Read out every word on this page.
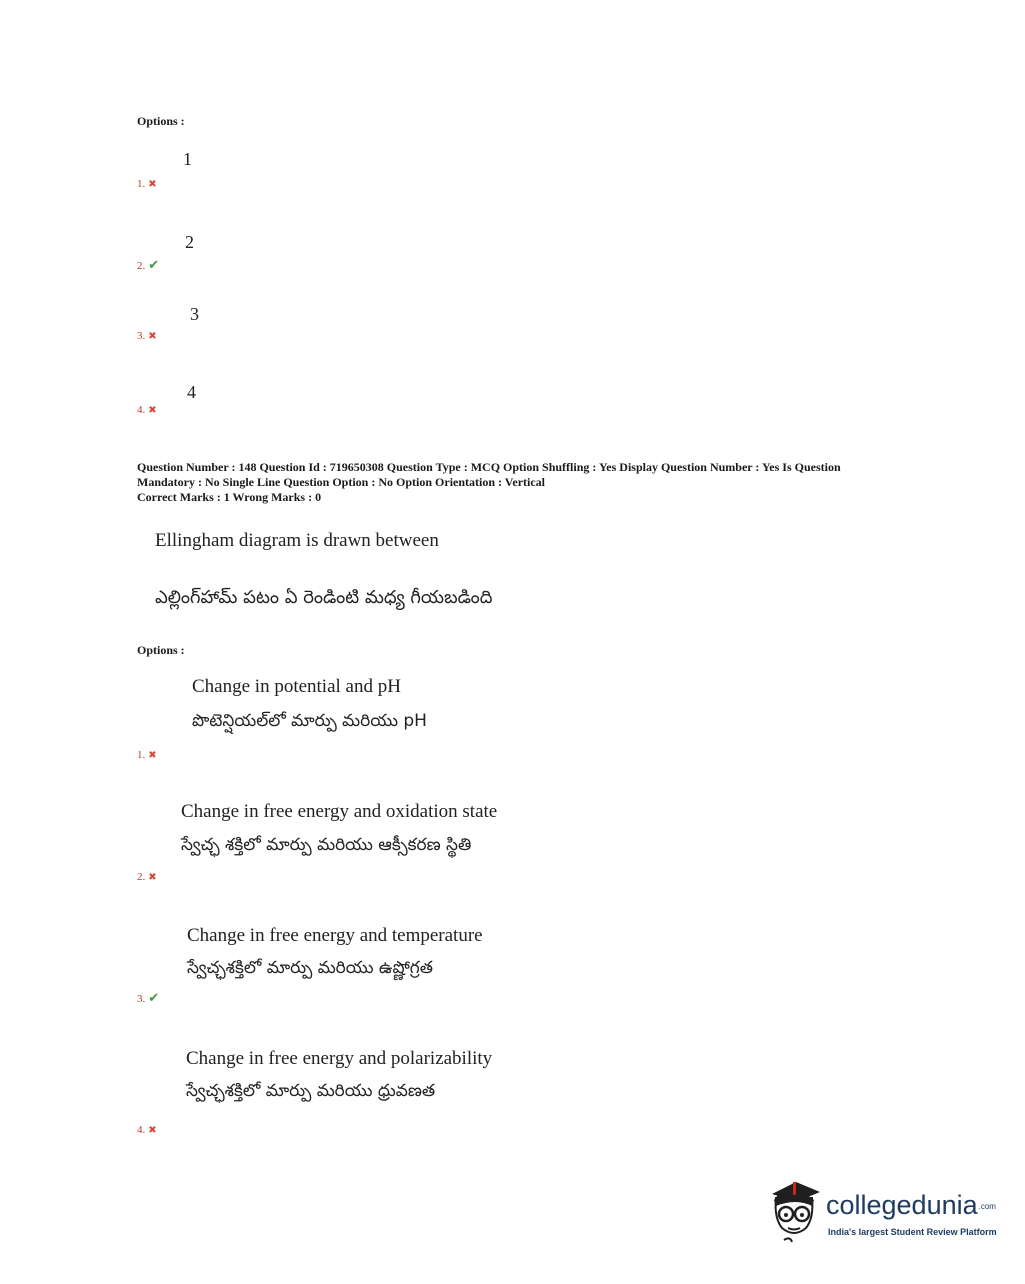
Options :
1
1. ✖
2
2. ✔
3
3. ✖
4
4. ✖
Question Number : 148 Question Id : 719650308 Question Type : MCQ Option Shuffling : Yes Display Question Number : Yes Is Question
Mandatory : No Single Line Question Option : No Option Orientation : Vertical
Correct Marks : 1 Wrong Marks : 0
Ellingham diagram is drawn between
ఎల్లింగ్‌హామ్ పటం ఏ రెండింటి మధ్య గీయబడింది
Options :
Change in potential and pH
పొటెన్షియల్‌లో మార్పు మరియు pH
1. ✖
Change in free energy and oxidation state
స్వేచ్ఛ శక్తిలో మార్పు మరియు ఆక్సీకరణ స్థితి
2. ✖
Change in free energy and temperature
స్వేచ్ఛశక్తిలో మార్పు మరియు ఉష్ణోగ్రత
3. ✔
Change in free energy and polarizability
స్వేచ్ఛశక్తిలో మార్పు మరియు ధ్రువణత
4. ✖
collegedunia.com
India's largest Student Review Platform
